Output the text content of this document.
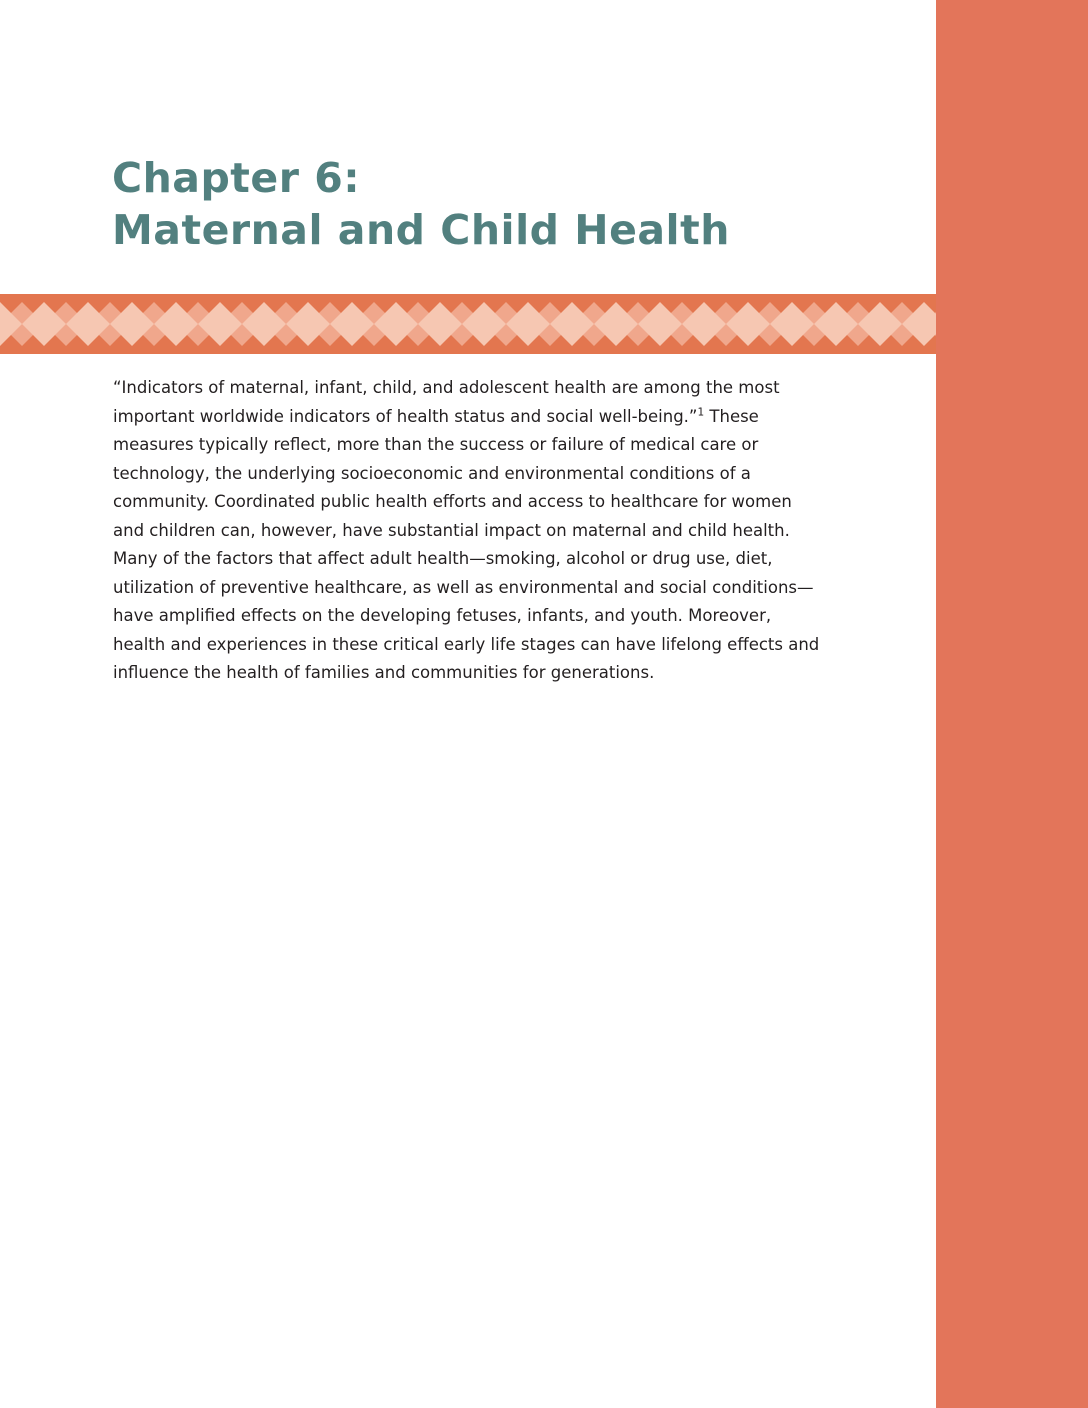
Chapter 6:
Maternal and Child Health
“Indicators of maternal, infant, child, and adolescent health are among the most important worldwide indicators of health status and social well-being.”$^1$ These measures typically reflect, more than the success or failure of medical care or technology, the underlying socioeconomic and environmental conditions of a community. Coordinated public health efforts and access to healthcare for women and children can, however, have substantial impact on maternal and child health. Many of the factors that affect adult health—smoking, alcohol or drug use, diet, utilization of preventive healthcare, as well as environmental and social conditions—have amplified effects on the developing fetuses, infants, and youth. Moreover, health and experiences in these critical early life stages can have lifelong effects and influence the health of families and communities for generations.
